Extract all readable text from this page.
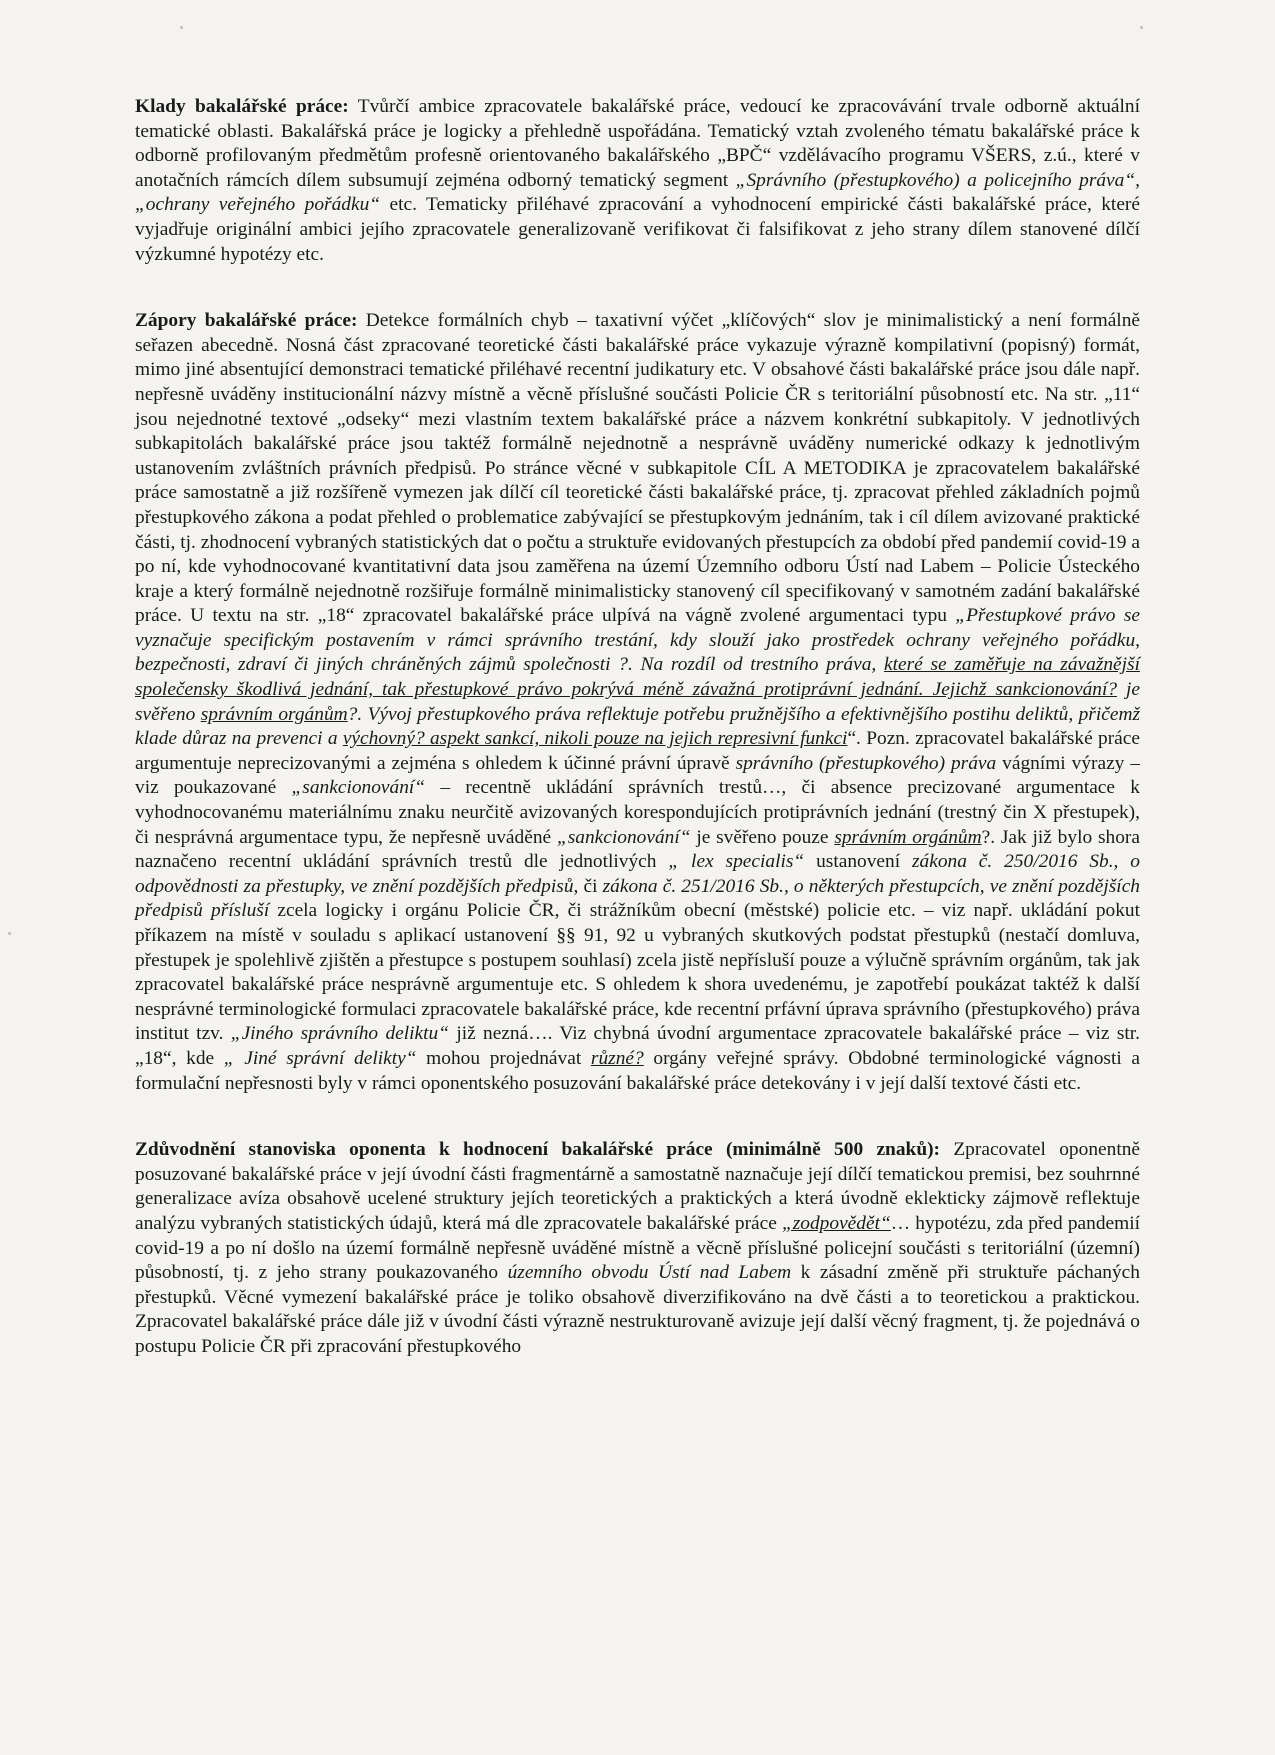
Klady bakalářské práce: Tvůrčí ambice zpracovatele bakalářské práce, vedoucí ke zpracovávání trvale odborně aktuální tematické oblasti. Bakalářská práce je logicky a přehledně uspořádána. Tematický vztah zvoleného tématu bakalářské práce k odborně profilovaným předmětům profesně orientovaného bakalářského „BPČ“ vzdělávacího programu VŠERS, z.ú., které v anotačních rámcích dílem subsumují zejména odborný tematický segment „Správního (přestupkového) a policejního práva“, „ochrany veřejného pořádku“ etc. Tematicky přiléhavé zpracování a vyhodnocení empirické části bakalářské práce, které vyjadřuje originální ambici jejího zpracovatele generalizovaně verifikovat či falsifikovat z jeho strany dílem stanovené dílčí výzkumné hypotézy etc.

Zápory bakalářské práce: Detekce formálních chyb – taxativní výčet „klíčových“ slov je minimalistický a není formálně seřazen abecedně. Nosná část zpracované teoretické části bakalářské práce vykazuje výrazně kompilativní (popisný) formát, mimo jiné absentující demonstraci tematické přiléhavé recentní judikatury etc. V obsahové části bakalářské práce jsou dále např. nepřesně uváděny institucionální názvy místně a věcně příslušné součásti Policie ČR s teritoriální působností etc. Na str. „11“ jsou nejednotné textové „odseky“ mezi vlastním textem bakalářské práce a názvem konkrétní subkapitoly. V jednotlivých subkapitolách bakalářské práce jsou taktéž formálně nejednotně a nesprávně uváděny numerické odkazy k jednotlivým ustanovením zvláštních právních předpisů. Po stránce věcné v subkapitole CÍL A METODIKA je zpracovatelem bakalářské práce samostatně a již rozšířeně vymezen jak dílčí cíl teoretické části bakalářské práce, tj. zpracovat přehled základních pojmů přestupkového zákona a podat přehled o problematice zabývající se přestupkovým jednáním, tak i cíl dílem avizované praktické části, tj. zhodnocení vybraných statistických dat o počtu a struktuře evidovaných přestupcích za období před pandemií covid-19 a po ní, kde vyhodnocované kvantitativní data jsou zaměřena na území Územního odboru Ústí nad Labem – Policie Ústeckého kraje a který formálně nejednotně rozšiřuje formálně minimalisticky stanovený cíl specifikovaný v samotném zadání bakalářské práce. U textu na str. „18“ zpracovatel bakalářské práce ulpívá na vágně zvolené argumentaci typu „Přestupkové právo se vyznačuje specifickým postavením v rámci správního trestání, kdy slouží jako prostředek ochrany veřejného pořádku, bezpečnosti, zdraví či jiných chráněných zájmů společnosti ?. Na rozdíl od trestního práva, které se zaměřuje na závažnější společensky škodlivá jednání, tak přestupkové právo pokrývá méně závažná protiprávní jednání. Jejichž sankcionování? je svěřeno správním orgánům?. Vývoj přestupkového práva reflektuje potřebu pružnějšího a efektivnějšího postihu deliktů, přičemž klade důraz na prevenci a výchovný? aspekt sankcí, nikoli pouze na jejich represivní funkci“. Pozn. zpracovatel bakalářské práce argumentuje neprecizovanými a zejména s ohledem k účinné právní úpravě správního (přestupkového) práva vágními výrazy – viz poukazované „sankcionování“ – recentně ukládání správních trestů…, či absence precizované argumentace k vyhodnocovanému materiálnímu znaku neurčitě avizovaných korespondujících protiprávních jednání (trestný čin X přestupek), či nesprávná argumentace typu, že nepřesně uváděné „sankcionování“ je svěřeno pouze správním orgánům?. Jak již bylo shora naznačeno recentní ukládání správních trestů dle jednotlivých „ lex specialis“ ustanovení zákona č. 250/2016 Sb., o odpovědnosti za přestupky, ve znění pozdějších předpisů, či zákona č. 251/2016 Sb., o některých přestupcích, ve znění pozdějších předpisů přísluší zcela logicky i orgánu Policie ČR, či strážníkům obecní (městské) policie etc. – viz např. ukládání pokut příkazem na místě v souladu s aplikací ustanovení §§ 91, 92 u vybraných skutkových podstat přestupků (nestačí domluva, přestupek je spolehlivě zjištěn a přestupce s postupem souhlasí) zcela jistě nepřísluší pouze a výlučně správním orgánům, tak jak zpracovatel bakalářské práce nesprávně argumentuje etc. S ohledem k shora uvedenému, je zapotřebí poukázat taktéž k další nesprávné terminologické formulaci zpracovatele bakalářské práce, kde recentní prfávní úprava správního (přestupkového) práva institut tzv. „Jiného správního deliktu“ již nezná…. Viz chybná úvodní argumentace zpracovatele bakalářské práce – viz str. „18“, kde „ Jiné správní delikty“ mohou projednávat různé? orgány veřejné správy. Obdobné terminologické vágnosti a formulační nepřesnosti byly v rámci oponentského posuzování bakalářské práce detekovány i v její další textové části etc.

Zdůvodnění stanoviska oponenta k hodnocení bakalářské práce (minimálně 500 znaků): Zpracovatel oponentně posuzované bakalářské práce v její úvodní části fragmentárně a samostatně naznačuje její dílčí tematickou premisi, bez souhrnné generalizace avíza obsahově ucelené struktury jejích teoretických a praktických a která úvodně eklekticky zájmově reflektuje analýzu vybraných statistických údajů, která má dle zpracovatele bakalářské práce „zodpovědět“… hypotézu, zda před pandemií covid-19 a po ní došlo na území formálně nepřesně uváděné místně a věcně příslušné policejní součásti s teritoriální (územní) působností, tj. z jeho strany poukazovaného územního obvodu Ústí nad Labem k zásadní změně při struktuře páchaných přestupků. Věcné vymezení bakalářské práce je toliko obsahově diverzifikováno na dvě části a to teoretickou a praktickou. Zpracovatel bakalářské práce dále již v úvodní části výrazně nestrukturovaně avizuje její další věcný fragment, tj. že pojednává o postupu Policie ČR při zpracování přestupkového
